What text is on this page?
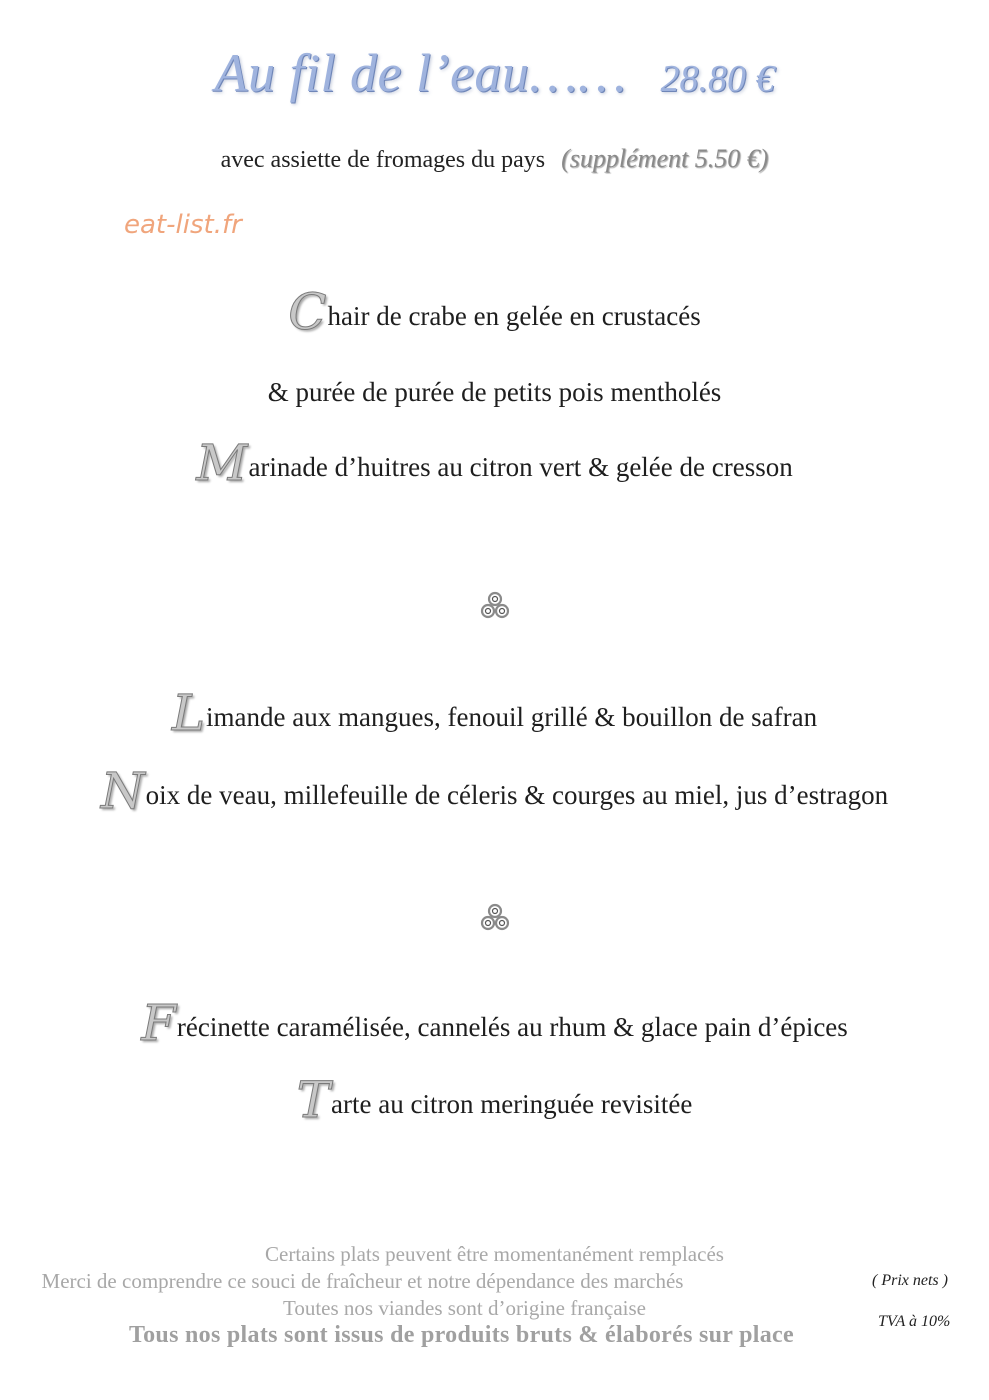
Au fil de l’eau…… 28.80 €
avec assiette de fromages du pays (supplément 5.50 €)
eat-list.fr
Chair de crabe en gelée en crustacés
& purée de purée de petits pois mentholés
Marinade d’huitres au citron vert & gelée de cresson
Limande aux mangues, fenouil grillé & bouillon de safran
Noix de veau, millefeuille de céleris & courges au miel, jus d’estragon
Frécinette caramélisée, cannelés au rhum & glace pain d’épices
Tarte au citron meringuée revisitée
Certains plats peuvent être momentanément remplacés
Merci de comprendre ce souci de fraîcheur et notre dépendance des marchés
Toutes nos viandes sont d’origine française
Tous nos plats sont issus de produits bruts & élaborés sur place
( Prix nets )
TVA à 10%
